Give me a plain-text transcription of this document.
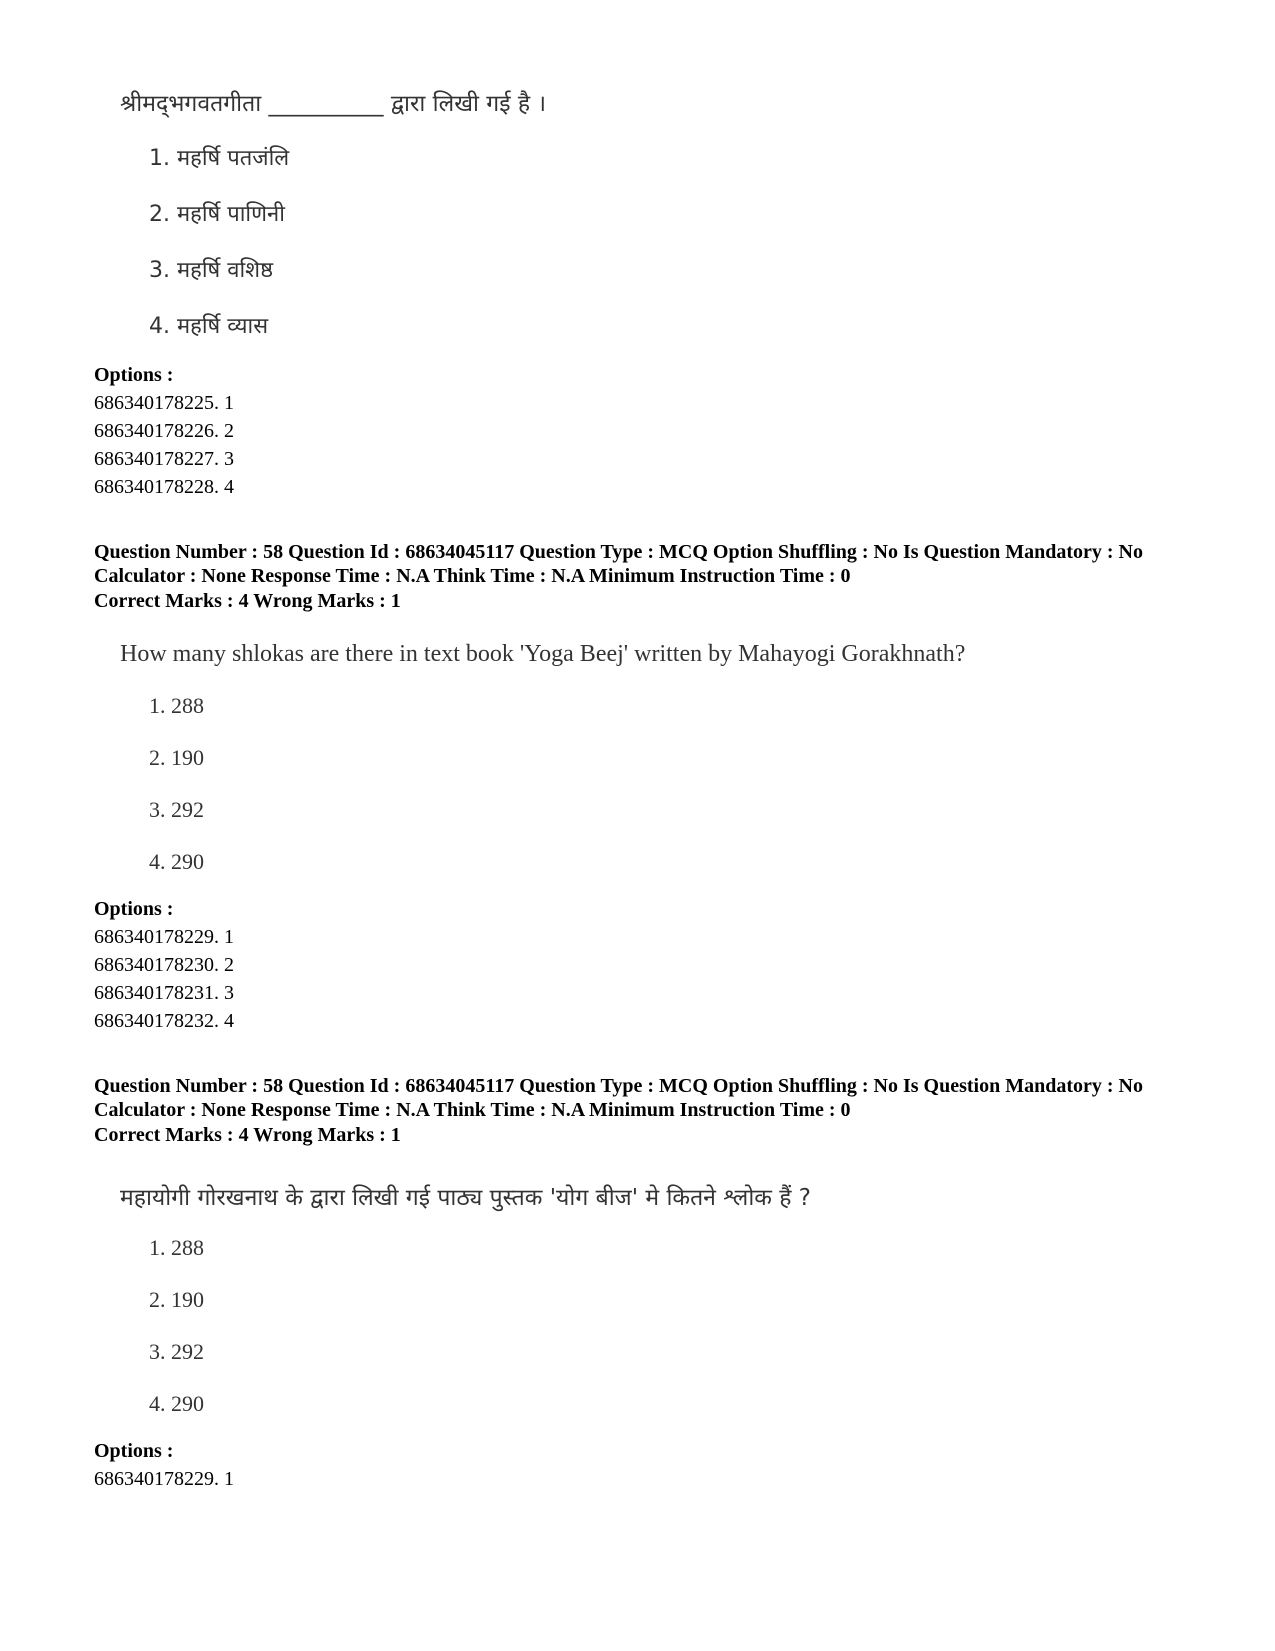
श्रीमद्‍भगवतगीता __________ द्वारा लिखी गई है ।
1. महर्षि पतजंलि
2. महर्षि पाणिनी
3. महर्षि वशिष्ठ
4. महर्षि व्यास
Options :
686340178225. 1
686340178226. 2
686340178227. 3
686340178228. 4
Question Number : 58 Question Id : 68634045117 Question Type : MCQ Option Shuffling : No Is Question Mandatory : No Calculator : None Response Time : N.A Think Time : N.A Minimum Instruction Time : 0
Correct Marks : 4 Wrong Marks : 1
How many shlokas are there in text book 'Yoga Beej' written by Mahayogi Gorakhnath?
1. 288
2. 190
3. 292
4. 290
Options :
686340178229. 1
686340178230. 2
686340178231. 3
686340178232. 4
Question Number : 58 Question Id : 68634045117 Question Type : MCQ Option Shuffling : No Is Question Mandatory : No Calculator : None Response Time : N.A Think Time : N.A Minimum Instruction Time : 0
Correct Marks : 4 Wrong Marks : 1
महायोगी गोरखनाथ के द्वारा लिखी गई पाठ्य पुस्तक 'योग बीज' मे कितने श्लोक हैं ?
1. 288
2. 190
3. 292
4. 290
Options :
686340178229. 1
